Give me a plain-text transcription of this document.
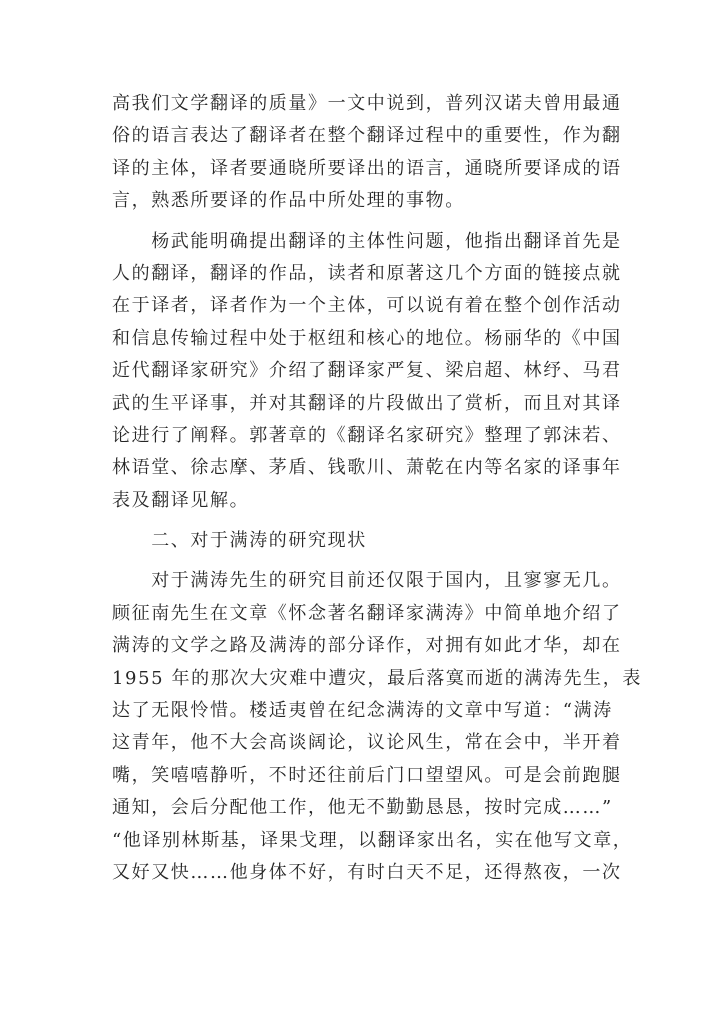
高我们文学翻译的质量》一文中说到，普列汉诺夫曾用最通
俗的语言表达了翻译者在整个翻译过程中的重要性，作为翻
译的主体，译者要通晓所要译出的语言，通晓所要译成的语
言，熟悉所要译的作品中所处理的事物。
　　杨武能明确提出翻译的主体性问题，他指出翻译首先是
人的翻译，翻译的作品，读者和原著这几个方面的链接点就
在于译者，译者作为一个主体，可以说有着在整个创作活动
和信息传输过程中处于枢纽和核心的地位。杨丽华的《中国
近代翻译家研究》介绍了翻译家严复、梁启超、林纾、马君
武的生平译事，并对其翻译的片段做出了赏析，而且对其译
论进行了阐释。郭著章的《翻译名家研究》整理了郭沫若、
林语堂、徐志摩、茅盾、钱歌川、萧乾在内等名家的译事年
表及翻译见解。
　　二、对于满涛的研究现状
　　对于满涛先生的研究目前还仅限于国内，且寥寥无几。
顾征南先生在文章《怀念著名翻译家满涛》中简单地介绍了
满涛的文学之路及满涛的部分译作，对拥有如此才华，却在
1955 年的那次大灾难中遭灾，最后落寞而逝的满涛先生，表
达了无限怜惜。楼适夷曾在纪念满涛的文章中写道：“满涛
这青年，他不大会高谈阔论，议论风生，常在会中，半开着
嘴，笑嘻嘻静听，不时还往前后门口望望风。可是会前跑腿
通知，会后分配他工作，他无不勤勤恳恳，按时完成……”
“他译别林斯基，译果戈理，以翻译家出名，实在他写文章，
又好又快……他身体不好，有时白天不足，还得熬夜，一次
